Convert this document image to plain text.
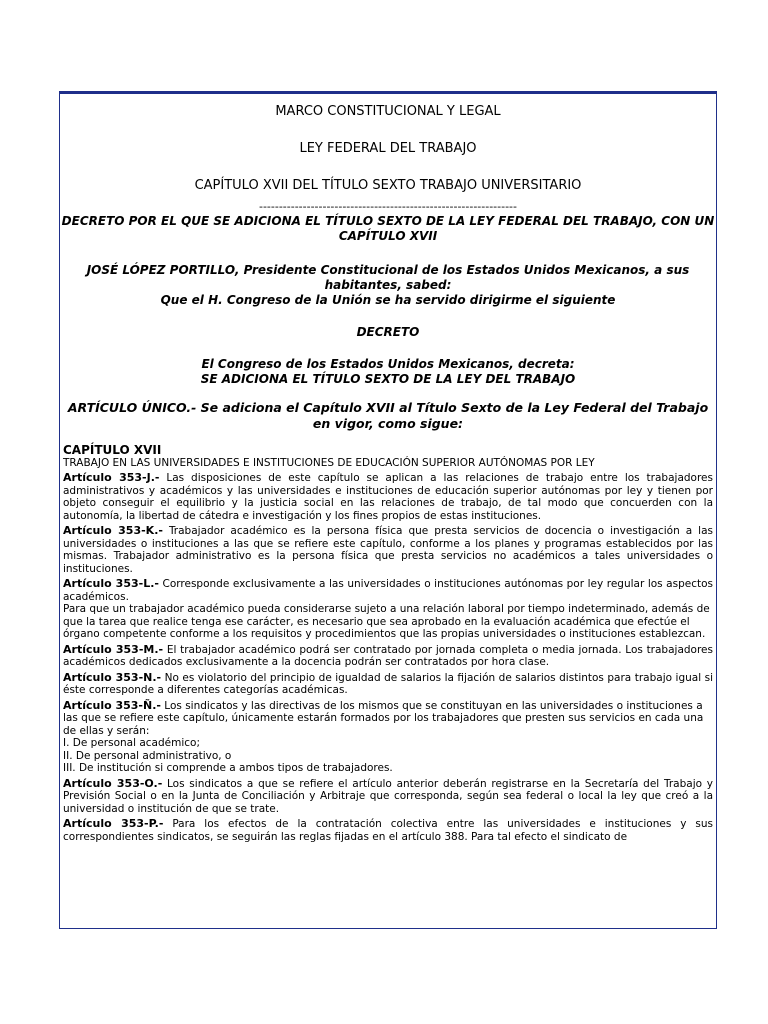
MARCO CONSTITUCIONAL Y LEGAL

LEY FEDERAL DEL TRABAJO

CAPÍTULO XVII DEL TÍTULO SEXTO TRABAJO UNIVERSITARIO

-----------------------------------------------------------------

DECRETO POR EL QUE SE ADICIONA EL TÍTULO SEXTO DE LA LEY FEDERAL DEL TRABAJO, CON UN CAPÍTULO XVII

JOSÉ LÓPEZ PORTILLO, Presidente Constitucional de los Estados Unidos Mexicanos, a sus habitantes, sabed:

Que el H. Congreso de la Unión se ha servido dirigirme el siguiente

DECRETO

El Congreso de los Estados Unidos Mexicanos, decreta:

SE ADICIONA EL TÍTULO SEXTO DE LA LEY DEL TRABAJO

ARTÍCULO ÚNICO.- Se adiciona el Capítulo XVII al Título Sexto de la Ley Federal del Trabajo en vigor, como sigue:

CAPÍTULO XVII

TRABAJO EN LAS UNIVERSIDADES E INSTITUCIONES DE EDUCACIÓN SUPERIOR AUTÓNOMAS POR LEY

Artículo 353-J.- Las disposiciones de este capítulo se aplican a las relaciones de trabajo entre los trabajadores administrativos y académicos y las universidades e instituciones de educación superior autónomas por ley y tienen por objeto conseguir el equilibrio y la justicia social en las relaciones de trabajo, de tal modo que concuerden con la autonomía, la libertad de cátedra e investigación y los fines propios de estas instituciones.

Artículo 353-K.- Trabajador académico es la persona física que presta servicios de docencia o investigación a las universidades o instituciones a las que se refiere este capítulo, conforme a los planes y programas establecidos por las mismas. Trabajador administrativo es la persona física que presta servicios no académicos a tales universidades o instituciones.

Artículo 353-L.- Corresponde exclusivamente a las universidades o instituciones autónomas por ley regular los aspectos académicos.

Para que un trabajador académico pueda considerarse sujeto a una relación laboral por tiempo indeterminado, además de que la tarea que realice tenga ese carácter, es necesario que sea aprobado en la evaluación académica que efectúe el órgano competente conforme a los requisitos y procedimientos que las propias universidades o instituciones establezcan.

Artículo 353-M.- El trabajador académico podrá ser contratado por jornada completa o media jornada. Los trabajadores académicos dedicados exclusivamente a la docencia podrán ser contratados por hora clase.

Artículo 353-N.- No es violatorio del principio de igualdad de salarios la fijación de salarios distintos para trabajo igual si éste corresponde a diferentes categorías académicas.

Artículo 353-Ñ.- Los sindicatos y las directivas de los mismos que se constituyan en las universidades o instituciones a las que se refiere este capítulo, únicamente estarán formados por los trabajadores que presten sus servicios en cada una de ellas y serán:

I. De personal académico;

II. De personal administrativo, o

III. De institución si comprende a ambos tipos de trabajadores.

Artículo 353-O.- Los sindicatos a que se refiere el artículo anterior deberán registrarse en la Secretaría del Trabajo y Previsión Social o en la Junta de Conciliación y Arbitraje que corresponda, según sea federal o local la ley que creó a la universidad o institución de que se trate.

Artículo 353-P.- Para los efectos de la contratación colectiva entre las universidades e instituciones y sus correspondientes sindicatos, se seguirán las reglas fijadas en el artículo 388. Para tal efecto el sindicato de
